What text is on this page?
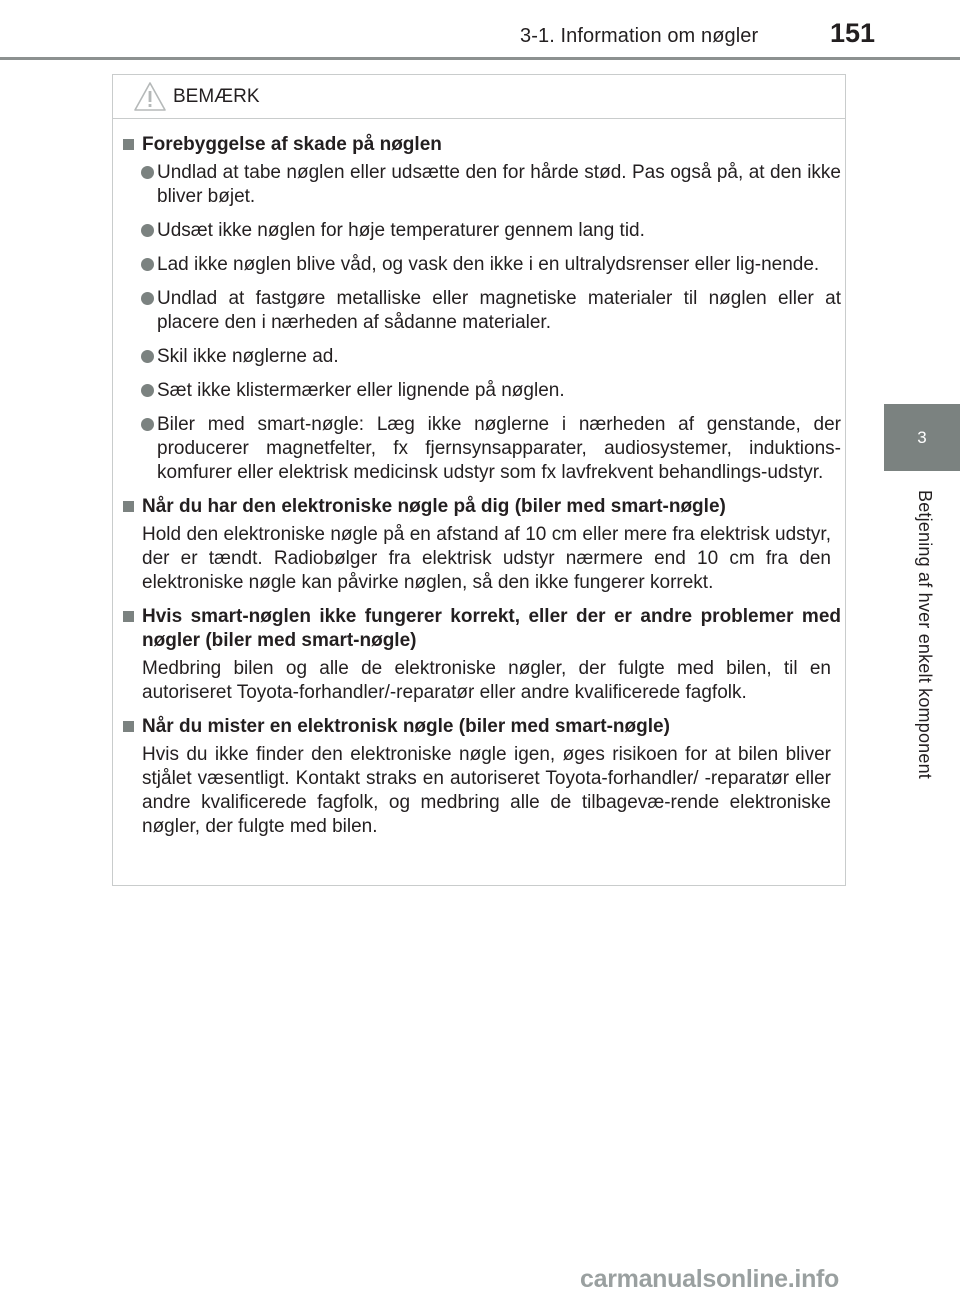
3-1. Information om nøgler	151
3
Betjening af hver enkelt komponent
BEMÆRK
Forebyggelse af skade på nøglen
Undlad at tabe nøglen eller udsætte den for hårde stød. Pas også på, at den ikke bliver bøjet.
Udsæt ikke nøglen for høje temperaturer gennem lang tid.
Lad ikke nøglen blive våd, og vask den ikke i en ultralydsrenser eller lig-nende.
Undlad at fastgøre metalliske eller magnetiske materialer til nøglen eller at placere den i nærheden af sådanne materialer.
Skil ikke nøglerne ad.
Sæt ikke klistermærker eller lignende på nøglen.
Biler med smart-nøgle: Læg ikke nøglerne i nærheden af genstande, der producerer magnetfelter, fx fjernsynsapparater, audiosystemer, induktions-komfurer eller elektrisk medicinsk udstyr som fx lavfrekvent behandlings-udstyr.
Når du har den elektroniske nøgle på dig (biler med smart-nøgle)
Hold den elektroniske nøgle på en afstand af 10 cm eller mere fra elektrisk udstyr, der er tændt. Radiobølger fra elektrisk udstyr nærmere end 10 cm fra den elektroniske nøgle kan påvirke nøglen, så den ikke fungerer korrekt.
Hvis smart-nøglen ikke fungerer korrekt, eller der er andre problemer med nøgler (biler med smart-nøgle)
Medbring bilen og alle de elektroniske nøgler, der fulgte med bilen, til en autoriseret Toyota-forhandler/-reparatør eller andre kvalificerede fagfolk.
Når du mister en elektronisk nøgle (biler med smart-nøgle)
Hvis du ikke finder den elektroniske nøgle igen, øges risikoen for at bilen bliver stjålet væsentligt. Kontakt straks en autoriseret Toyota-forhandler/ -reparatør eller andre kvalificerede fagfolk, og medbring alle de tilbagevæ-rende elektroniske nøgler, der fulgte med bilen.
carmanualsonline.info
